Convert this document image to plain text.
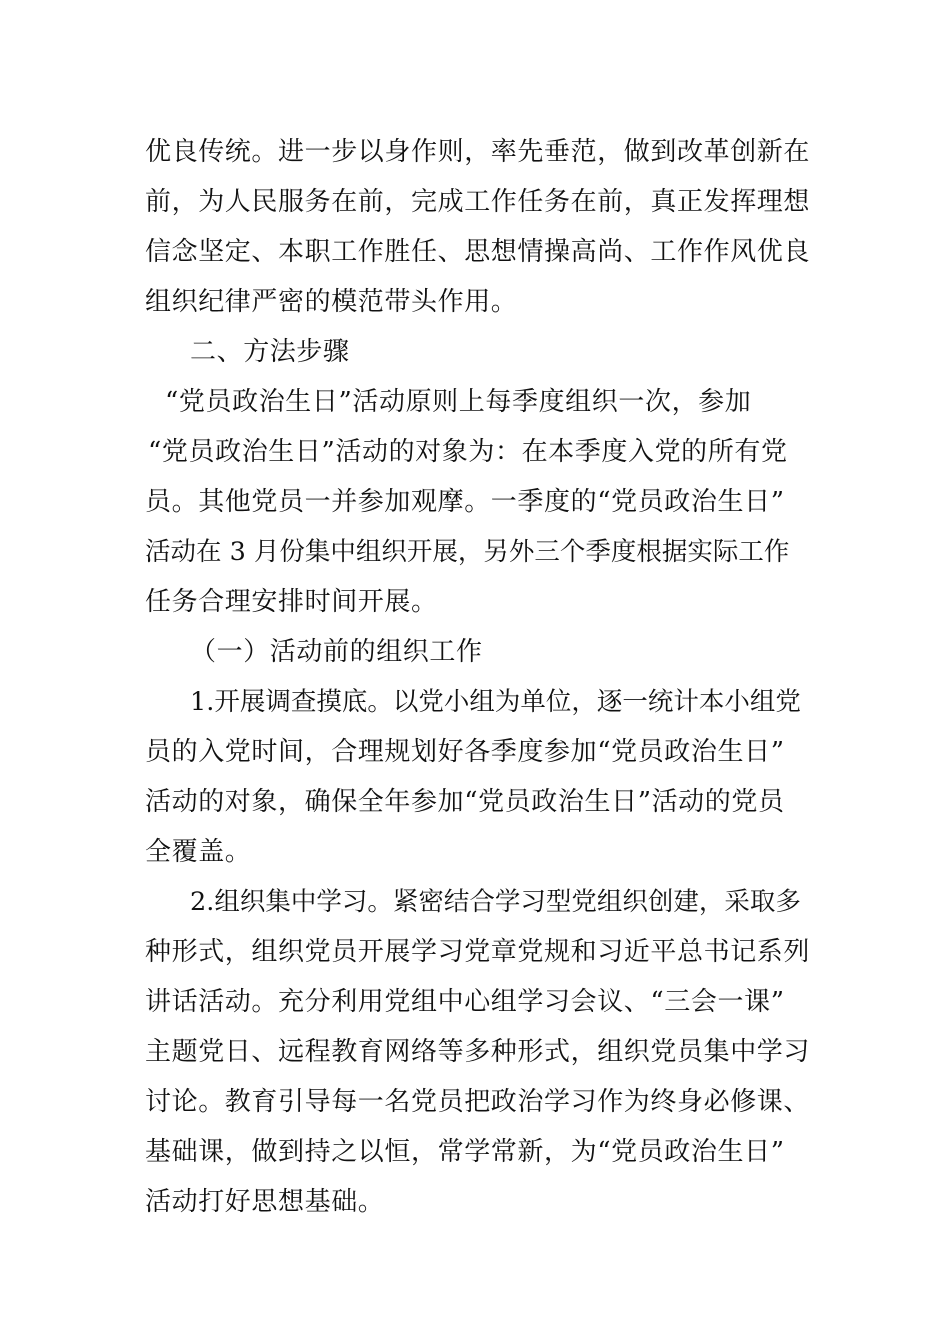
优良传统。进一步以身作则，率先垂范，做到改革创新在
前，为人民服务在前，完成工作任务在前，真正发挥理想
信念坚定、本职工作胜任、思想情操高尚、工作作风优良
组织纪律严密的模范带头作用。
二、方法步骤
“党员政治生日”活动原则上每季度组织一次，参加
“党员政治生日”活动的对象为：在本季度入党的所有党
员。其他党员一并参加观摩。一季度的“党员政治生日”
活动在 3 月份集中组织开展，另外三个季度根据实际工作
任务合理安排时间开展。
（一）活动前的组织工作
1.开展调查摸底。以党小组为单位，逐一统计本小组党
员的入党时间，合理规划好各季度参加“党员政治生日”
活动的对象，确保全年参加“党员政治生日”活动的党员
全覆盖。
2.组织集中学习。紧密结合学习型党组织创建，采取多
种形式，组织党员开展学习党章党规和习近平总书记系列
讲话活动。充分利用党组中心组学习会议、“三会一课”
主题党日、远程教育网络等多种形式，组织党员集中学习
讨论。教育引导每一名党员把政治学习作为终身必修课、
基础课，做到持之以恒，常学常新，为“党员政治生日”
活动打好思想基础。
